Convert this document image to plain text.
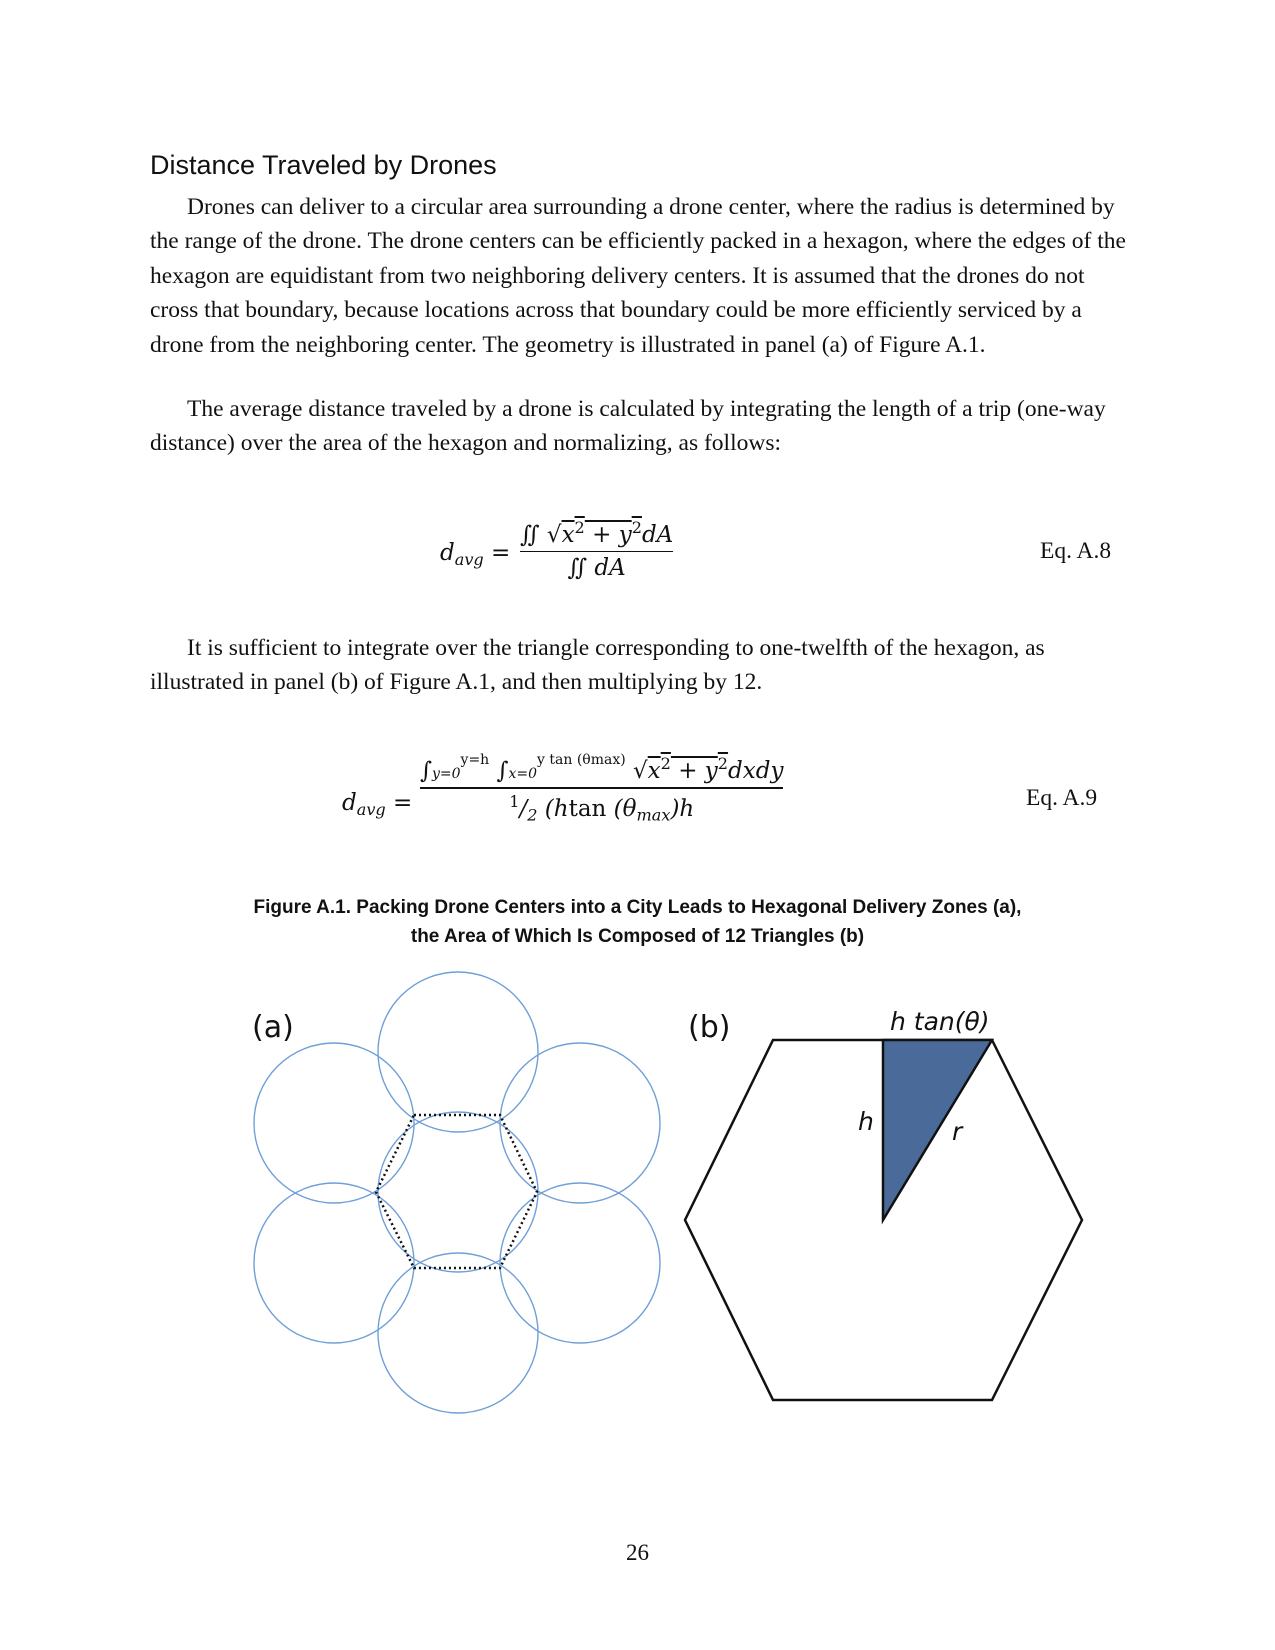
Distance Traveled by Drones

Drones can deliver to a circular area surrounding a drone center, where the radius is determined by the range of the drone. The drone centers can be efficiently packed in a hexagon, where the edges of the hexagon are equidistant from two neighboring delivery centers. It is assumed that the drones do not cross that boundary, because locations across that boundary could be more efficiently serviced by a drone from the neighboring center. The geometry is illustrated in panel (a) of Figure A.1.

The average distance traveled by a drone is calculated by integrating the length of a trip (one-way distance) over the area of the hexagon and normalizing, as follows:

$d_{avg}$ =
∬ $√x^2 + y^2dA$
∬ dA
Eq. A.8

It is sufficient to integrate over the triangle corresponding to one-twelfth of the hexagon, as illustrated in panel (b) of Figure A.1, and then multiplying by 12.

$d_{avg}$ =
$\int y=0^{y=h}$ $\int x=0^{y tan (\theta max)}$ $√x^2$ + $y^2dxdy$
$^1/_2$ (htan $(\theta_{max})h$	Eq. A.9
Figure A.1. Packing Drone Centers into a City Leads to Hexagonal Delivery Zones (a),
the Area of Which Is Composed of 12 Triangles (b)
(a)	(b)	h tan(θ)
h	r
26
